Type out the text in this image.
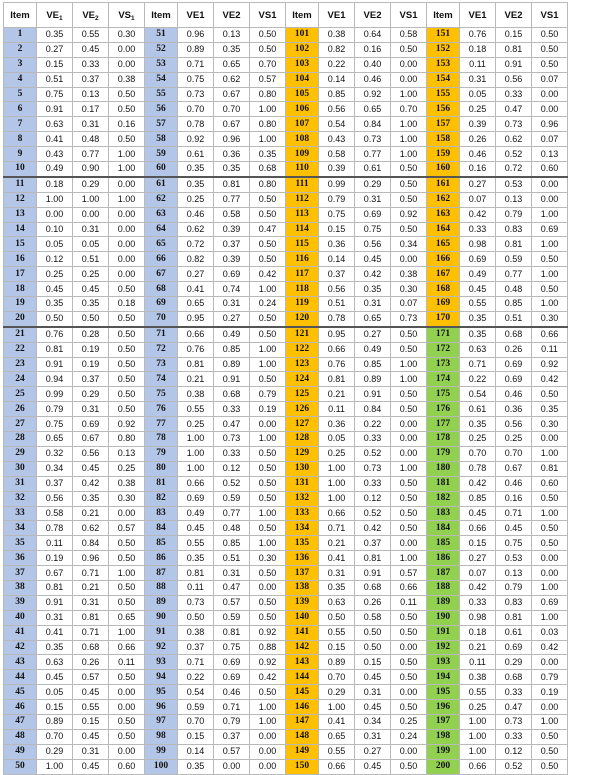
Item	$VE_1$	$VE_2$	$VS_1$	Item	VE1	VE2	VS1	Item	VE1	VE2	VS1	Item	VE1	VE2	VS1
1	0.35	0.55	0.30	51	0.96	0.13	0.50	101	0.38	0.64	0.58	151	0.76	0.15	0.50
2	0.27	0.45	0.00	52	0.89	0.35	0.50	102	0.82	0.16	0.50	152	0.18	0.81	0.50
3	0.15	0.33	0.00	53	0.71	0.65	0.70	103	0.22	0.40	0.00	153	0.11	0.91	0.50
4	0.51	0.37	0.38	54	0.75	0.62	0.57	104	0.14	0.46	0.00	154	0.31	0.56	0.07
5	0.75	0.13	0.50	55	0.73	0.67	0.80	105	0.85	0.92	1.00	155	0.05	0.33	0.00
6	0.91	0.17	0.50	56	0.70	0.70	1.00	106	0.56	0.65	0.70	156	0.25	0.47	0.00
7	0.63	0.31	0.16	57	0.78	0.67	0.80	107	0.54	0.84	1.00	157	0.39	0.73	0.96
8	0.41	0.48	0.50	58	0.92	0.96	1.00	108	0.43	0.73	1.00	158	0.26	0.62	0.07
9	0.43	0.77	1.00	59	0.61	0.36	0.35	109	0.58	0.77	1.00	159	0.46	0.52	0.13
10	0.49	0.90	1.00	60	0.35	0.35	0.68	110	0.39	0.61	0.50	160	0.16	0.72	0.60
11	0.18	0.29	0.00	61	0.35	0.81	0.80	111	0.99	0.29	0.50	161	0.27	0.53	0.00
12	1.00	1.00	1.00	62	0.25	0.77	0.50	112	0.79	0.31	0.50	162	0.07	0.13	0.00
13	0.00	0.00	0.00	63	0.46	0.58	0.50	113	0.75	0.69	0.92	163	0.42	0.79	1.00
14	0.10	0.31	0.00	64	0.62	0.39	0.47	114	0.15	0.75	0.50	164	0.33	0.83	0.69
15	0.05	0.05	0.00	65	0.72	0.37	0.50	115	0.36	0.56	0.34	165	0.98	0.81	1.00
16	0.12	0.51	0.00	66	0.82	0.39	0.50	116	0.14	0.45	0.00	166	0.69	0.59	0.50
17	0.25	0.25	0.00	67	0.27	0.69	0.42	117	0.37	0.42	0.38	167	0.49	0.77	1.00
18	0.45	0.45	0.50	68	0.41	0.74	1.00	118	0.56	0.35	0.30	168	0.45	0.48	0.50
19	0.35	0.35	0.18	69	0.65	0.31	0.24	119	0.51	0.31	0.07	169	0.55	0.85	1.00
20	0.50	0.50	0.50	70	0.95	0.27	0.50	120	0.78	0.65	0.73	170	0.35	0.51	0.30
21	0.76	0.28	0.50	71	0.66	0.49	0.50	121	0.95	0.27	0.50	171	0.35	0.68	0.66
22	0.81	0.19	0.50	72	0.76	0.85	1.00	122	0.66	0.49	0.50	172	0.63	0.26	0.11
23	0.91	0.19	0.50	73	0.81	0.89	1.00	123	0.76	0.85	1.00	173	0.71	0.69	0.92
24	0.94	0.37	0.50	74	0.21	0.91	0.50	124	0.81	0.89	1.00	174	0.22	0.69	0.42
25	0.99	0.29	0.50	75	0.38	0.68	0.79	125	0.21	0.91	0.50	175	0.54	0.46	0.50
26	0.79	0.31	0.50	76	0.55	0.33	0.19	126	0.11	0.84	0.50	176	0.61	0.36	0.35
27	0.75	0.69	0.92	77	0.25	0.47	0.00	127	0.36	0.22	0.00	177	0.35	0.56	0.30
28	0.65	0.67	0.80	78	1.00	0.73	1.00	128	0.05	0.33	0.00	178	0.25	0.25	0.00
29	0.32	0.56	0.13	79	1.00	0.33	0.50	129	0.25	0.52	0.00	179	0.70	0.70	1.00
30	0.34	0.45	0.25	80	1.00	0.12	0.50	130	1.00	0.73	1.00	180	0.78	0.67	0.81
31	0.37	0.42	0.38	81	0.66	0.52	0.50	131	1.00	0.33	0.50	181	0.42	0.46	0.60
32	0.56	0.35	0.30	82	0.69	0.59	0.50	132	1.00	0.12	0.50	182	0.85	0.16	0.50
33	0.58	0.21	0.00	83	0.49	0.77	1.00	133	0.66	0.52	0.50	183	0.45	0.71	1.00
34	0.78	0.62	0.57	84	0.45	0.48	0.50	134	0.71	0.42	0.50	184	0.66	0.45	0.50
35	0.11	0.84	0.50	85	0.55	0.85	1.00	135	0.21	0.37	0.00	185	0.15	0.75	0.50
36	0.19	0.96	0.50	86	0.35	0.51	0.30	136	0.41	0.81	1.00	186	0.27	0.53	0.00
37	0.67	0.71	1.00	87	0.81	0.31	0.50	137	0.31	0.91	0.57	187	0.07	0.13	0.00
38	0.81	0.21	0.50	88	0.11	0.47	0.00	138	0.35	0.68	0.66	188	0.42	0.79	1.00
39	0.91	0.31	0.50	89	0.73	0.57	0.50	139	0.63	0.26	0.11	189	0.33	0.83	0.69
40	0.31	0.81	0.65	90	0.50	0.59	0.50	140	0.50	0.58	0.50	190	0.98	0.81	1.00
41	0.41	0.71	1.00	91	0.38	0.81	0.92	141	0.55	0.50	0.50	191	0.18	0.61	0.03
42	0.35	0.68	0.66	92	0.37	0.75	0.88	142	0.15	0.50	0.00	192	0.21	0.69	0.42
43	0.63	0.26	0.11	93	0.71	0.69	0.92	143	0.89	0.15	0.50	193	0.11	0.29	0.00
44	0.45	0.57	0.50	94	0.22	0.69	0.42	144	0.70	0.45	0.50	194	0.38	0.68	0.79
45	0.05	0.45	0.00	95	0.54	0.46	0.50	145	0.29	0.31	0.00	195	0.55	0.33	0.19
46	0.15	0.55	0.00	96	0.59	0.71	1.00	146	1.00	0.45	0.50	196	0.25	0.47	0.00
47	0.89	0.15	0.50	97	0.70	0.79	1.00	147	0.41	0.34	0.25	197	1.00	0.73	1.00
48	0.70	0.45	0.50	98	0.15	0.37	0.00	148	0.65	0.31	0.24	198	1.00	0.33	0.50
49	0.29	0.31	0.00	99	0.14	0.57	0.00	149	0.55	0.27	0.00	199	1.00	0.12	0.50
50	1.00	0.45	0.60	100	0.35	0.00	0.00	150	0.66	0.45	0.50	200	0.66	0.52	0.50
